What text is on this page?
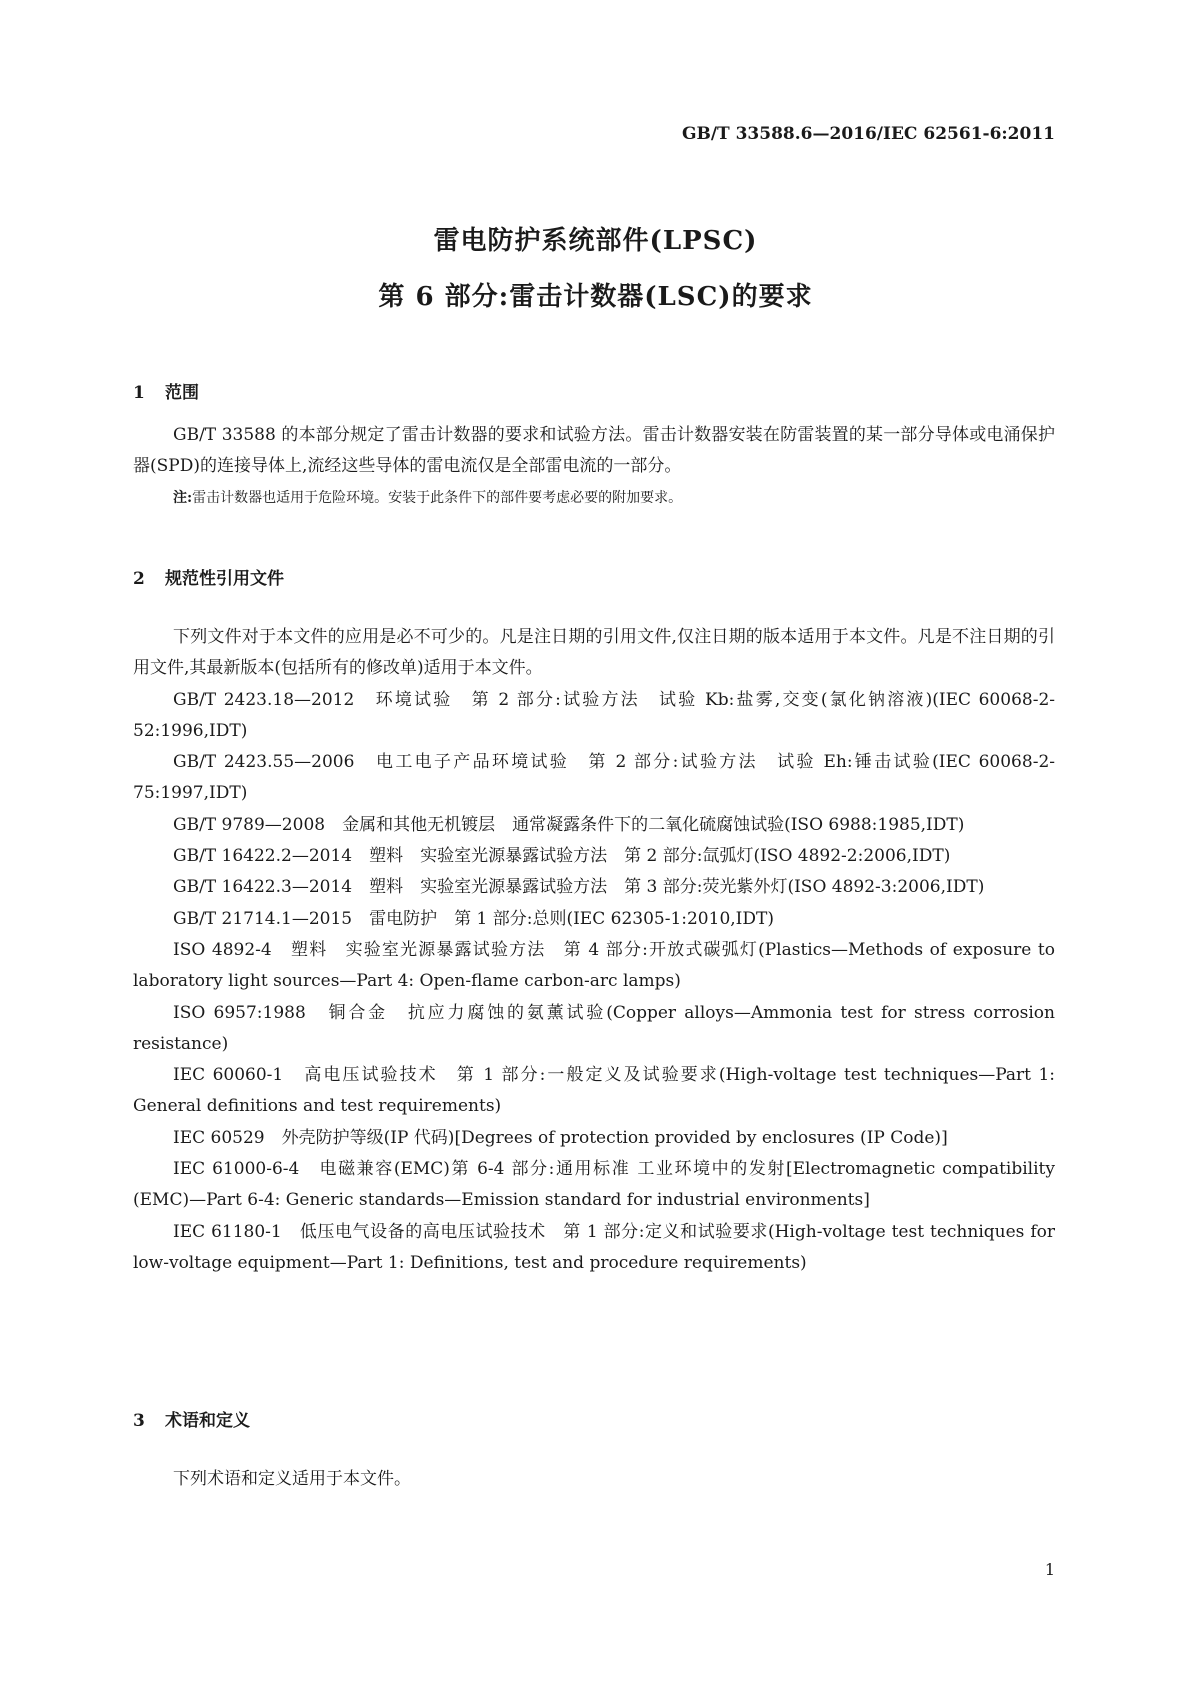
GB/T 33588.6—2016/IEC 62561-6:2011
雷电防护系统部件(LPSC)
第 6 部分:雷击计数器(LSC)的要求
1 范围

GB/T 33588 的本部分规定了雷击计数器的要求和试验方法。雷击计数器安装在防雷装置的某一部分导体或电涌保护器(SPD)的连接导体上,流经这些导体的雷电流仅是全部雷电流的一部分。

注:雷击计数器也适用于危险环境。安装于此条件下的部件要考虑必要的附加要求。

2 规范性引用文件

下列文件对于本文件的应用是必不可少的。凡是注日期的引用文件,仅注日期的版本适用于本文件。凡是不注日期的引用文件,其最新版本(包括所有的修改单)适用于本文件。

GB/T 2423.18—2012　环境试验　第 2 部分:试验方法　试验 Kb:盐雾,交变(氯化钠溶液)(IEC 60068-2-52:1996,IDT)

GB/T 2423.55—2006　电工电子产品环境试验　第 2 部分:试验方法　试验 Eh:锤击试验(IEC 60068-2-75:1997,IDT)

GB/T 9789—2008　金属和其他无机镀层　通常凝露条件下的二氧化硫腐蚀试验(ISO 6988:1985,IDT)

GB/T 16422.2—2014　塑料　实验室光源暴露试验方法　第 2 部分:氙弧灯(ISO 4892-2:2006,IDT)

GB/T 16422.3—2014　塑料　实验室光源暴露试验方法　第 3 部分:荧光紫外灯(ISO 4892-3:2006,IDT)

GB/T 21714.1—2015　雷电防护　第 1 部分:总则(IEC 62305-1:2010,IDT)

ISO 4892-4　塑料　实验室光源暴露试验方法　第 4 部分:开放式碳弧灯(Plastics—Methods of exposure to laboratory light sources—Part 4: Open-flame carbon-arc lamps)

ISO 6957:1988　铜合金　抗应力腐蚀的氨薰试验(Copper alloys—Ammonia test for stress corrosion resistance)

IEC 60060-1　高电压试验技术　第 1 部分:一般定义及试验要求(High-voltage test techniques—Part 1: General definitions and test requirements)

IEC 60529　外壳防护等级(IP 代码)[Degrees of protection provided by enclosures (IP Code)]

IEC 61000-6-4　电磁兼容(EMC)第 6-4 部分:通用标准 工业环境中的发射[Electromagnetic compatibility (EMC)—Part 6-4: Generic standards—Emission standard for industrial environments]

IEC 61180-1　低压电气设备的高电压试验技术　第 1 部分:定义和试验要求(High-voltage test techniques for low-voltage equipment—Part 1: Definitions, test and procedure requirements)

3 术语和定义

下列术语和定义适用于本文件。

1
